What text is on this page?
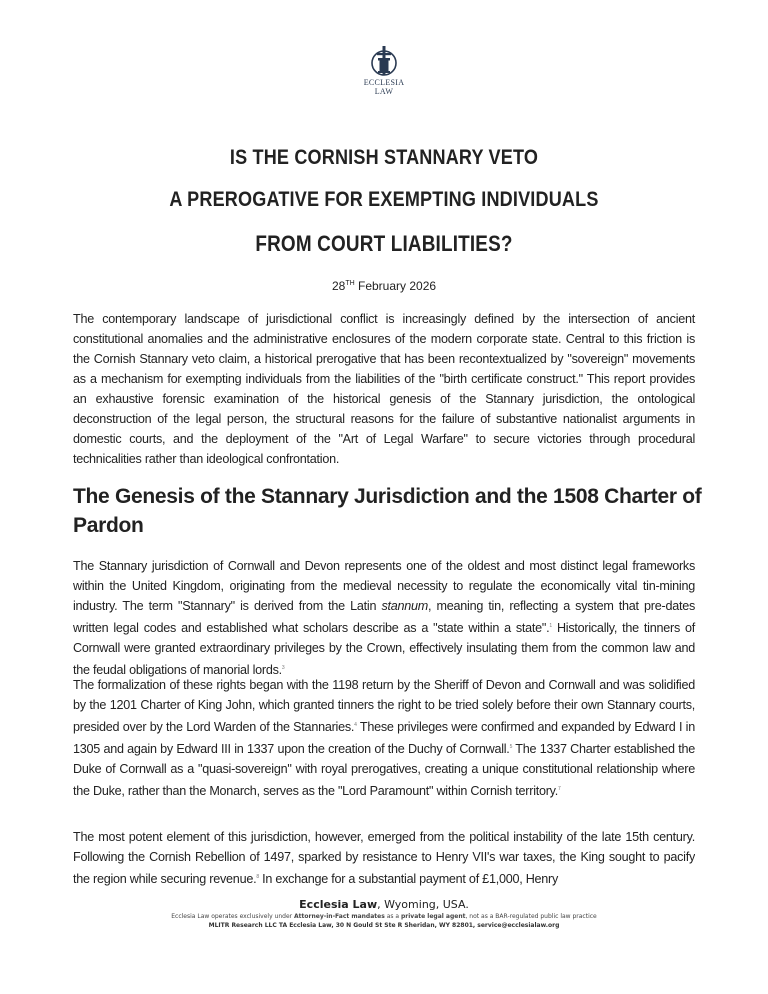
ECCLESIA
LAW
IS THE CORNISH STANNARY VETO
A PREROGATIVE FOR EXEMPTING INDIVIDUALS
FROM COURT LIABILITIES?
28TH February 2026
The contemporary landscape of jurisdictional conflict is increasingly defined by the intersection of ancient constitutional anomalies and the administrative enclosures of the modern corporate state. Central to this friction is the Cornish Stannary veto claim, a historical prerogative that has been recontextualized by "sovereign" movements as a mechanism for exempting individuals from the liabilities of the "birth certificate construct." This report provides an exhaustive forensic examination of the historical genesis of the Stannary jurisdiction, the ontological deconstruction of the legal person, the structural reasons for the failure of substantive nationalist arguments in domestic courts, and the deployment of the "Art of Legal Warfare" to secure victories through procedural technicalities rather than ideological confrontation.
The Genesis of the Stannary Jurisdiction and the 1508 Charter of Pardon
The Stannary jurisdiction of Cornwall and Devon represents one of the oldest and most distinct legal frameworks within the United Kingdom, originating from the medieval necessity to regulate the economically vital tin-mining industry. The term "Stannary" is derived from the Latin stannum, meaning tin, reflecting a system that pre-dates written legal codes and established what scholars describe as a "state within a state".$^1$ Historically, the tinners of Cornwall were granted extraordinary privileges by the Crown, effectively insulating them from the common law and the feudal obligations of manorial lords.$^3$
The formalization of these rights began with the 1198 return by the Sheriff of Devon and Cornwall and was solidified by the 1201 Charter of King John, which granted tinners the right to be tried solely before their own Stannary courts, presided over by the Lord Warden of the Stannaries.$^4$ These privileges were confirmed and expanded by Edward I in 1305 and again by Edward III in 1337 upon the creation of the Duchy of Cornwall.$^5$ The 1337 Charter established the Duke of Cornwall as a "quasi-sovereign" with royal prerogatives, creating a unique constitutional relationship where the Duke, rather than the Monarch, serves as the "Lord Paramount" within Cornish territory.$^7$
The most potent element of this jurisdiction, however, emerged from the political instability of the late 15th century. Following the Cornish Rebellion of 1497, sparked by resistance to Henry VII's war taxes, the King sought to pacify the region while securing revenue.$^8$ In exchange for a substantial payment of £1,000, Henry
Ecclesia Law, Wyoming, USA.
Ecclesia Law operates exclusively under Attorney-in-Fact mandates as a private legal agent, not as a BAR-regulated public law practice
MLITR Research LLC TA Ecclesia Law, 30 N Gould St Ste R Sheridan, WY 82801, service@ecclesialaw.org
